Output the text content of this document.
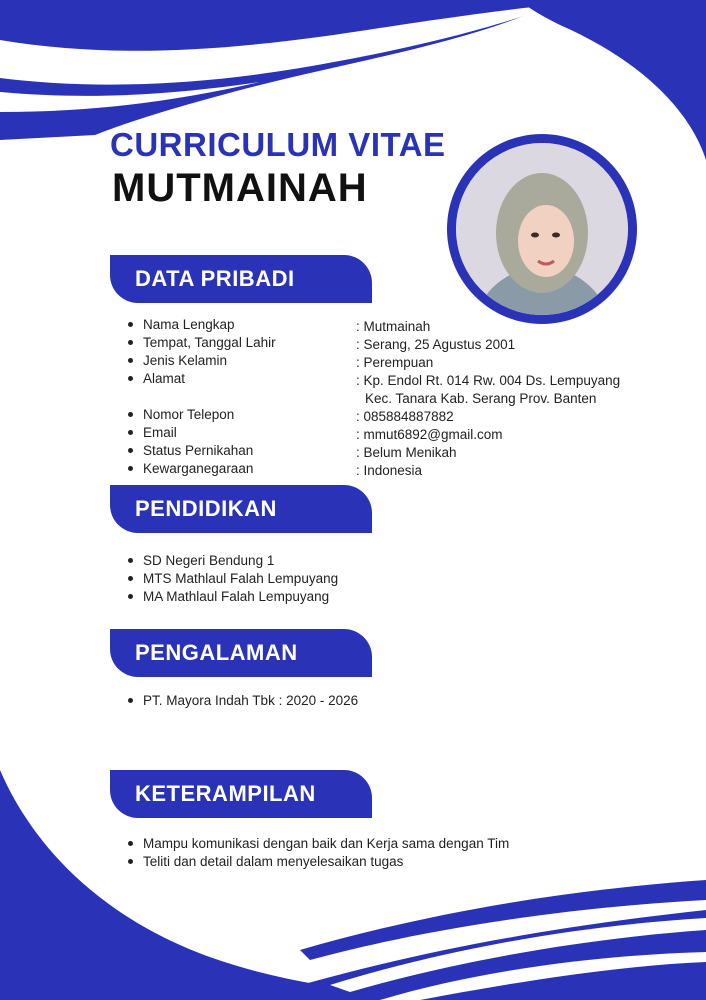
CURRICULUM VITAE
MUTMAINAH
DATA PRIBADI
Nama Lengkap
Tempat, Tanggal Lahir
Jenis Kelamin
Alamat
Nomor Telepon
Email
Status Pernikahan
Kewarganegaraan
: Mutmainah
: Serang, 25 Agustus 2001
: Perempuan
: Kp. Endol Rt. 014 Rw. 004 Ds. Lempuyang
Kec. Tanara Kab. Serang Prov. Banten
: 085884887882
: mmut6892@gmail.com
: Belum Menikah
: Indonesia
PENDIDIKAN
SD Negeri Bendung 1
MTS Mathlaul Falah Lempuyang
MA Mathlaul Falah Lempuyang
PENGALAMAN
PT. Mayora Indah Tbk : 2020 - 2026
KETERAMPILAN
Mampu komunikasi dengan baik dan Kerja sama dengan Tim
Teliti dan detail dalam menyelesaikan tugas
